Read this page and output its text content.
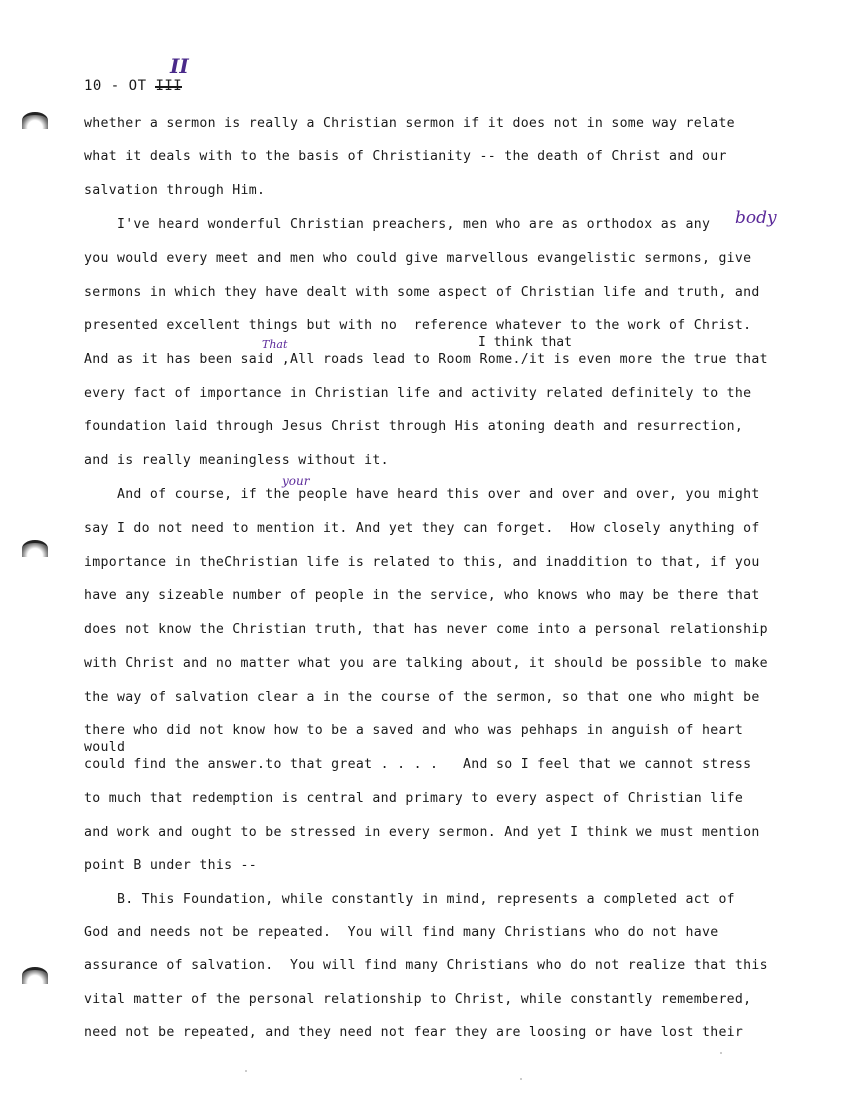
10 - OT III
II
whether a sermon is really a Christian sermon if it does not in some way relate
what it deals with to the basis of Christianity -- the death of Christ and our
salvation through Him.
I've heard wonderful Christian preachers, men who are as orthodox as any body
you would every meet and men who could give marvellous evangelistic sermons, give
sermons in which they have dealt with some aspect of Christian life and truth, and
presented excellent things but with no  reference whatever to the work of Christ.
I think that
That
And as it has been said ,All roads lead to Room Rome./it is even more the true that
every fact of importance in Christian life and activity related definitely to the
foundation laid through Jesus Christ through His atoning death and resurrection,
and is really meaningless without it.
your
And of course, if the people have heard this over and over and over, you might
say I do not need to mention it. And yet they can forget.  How closely anything of
importance in theChristian life is related to this, and inaddition to that, if you
have any sizeable number of people in the service, who knows who may be there that
does not know the Christian truth, that has never come into a personal relationship
with Christ and no matter what you are talking about, it should be possible to make
the way of salvation clear a in the course of the sermon, so that one who might be
there who did not know how to be a saved and who was pehhaps in anguish of heart
would
could find the answer.to that great . . . .   And so I feel that we cannot stress
to much that redemption is central and primary to every aspect of Christian life
and work and ought to be stressed in every sermon. And yet I think we must mention
point B under this --
B. This Foundation, while constantly in mind, represents a completed act of
God and needs not be repeated.  You will find many Christians who do not have
assurance of salvation.  You will find many Christians who do not realize that this
vital matter of the personal relationship to Christ, while constantly remembered,
need not be repeated, and they need not fear they are loosing or have lost their
